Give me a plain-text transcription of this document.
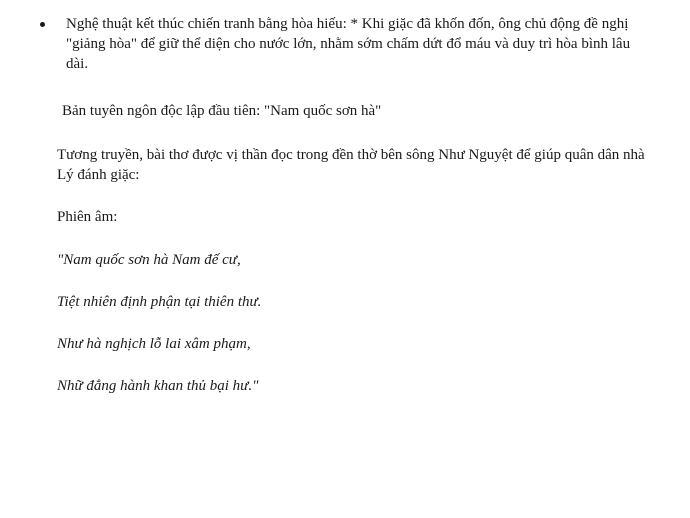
Nghệ thuật kết thúc chiến tranh bằng hòa hiếu: * Khi giặc đã khốn đốn, ông chủ động đề nghị "giảng hòa" để giữ thể diện cho nước lớn, nhằm sớm chấm dứt đổ máu và duy trì hòa bình lâu dài.

Bản tuyên ngôn độc lập đầu tiên: "Nam quốc sơn hà"

Tương truyền, bài thơ được vị thần đọc trong đền thờ bên sông Như Nguyệt để giúp quân dân nhà Lý đánh giặc:

Phiên âm:

"Nam quốc sơn hà Nam đế cư,

Tiệt nhiên định phận tại thiên thư.

Như hà nghịch lỗ lai xâm phạm,

Nhữ đẳng hành khan thủ bại hư."
